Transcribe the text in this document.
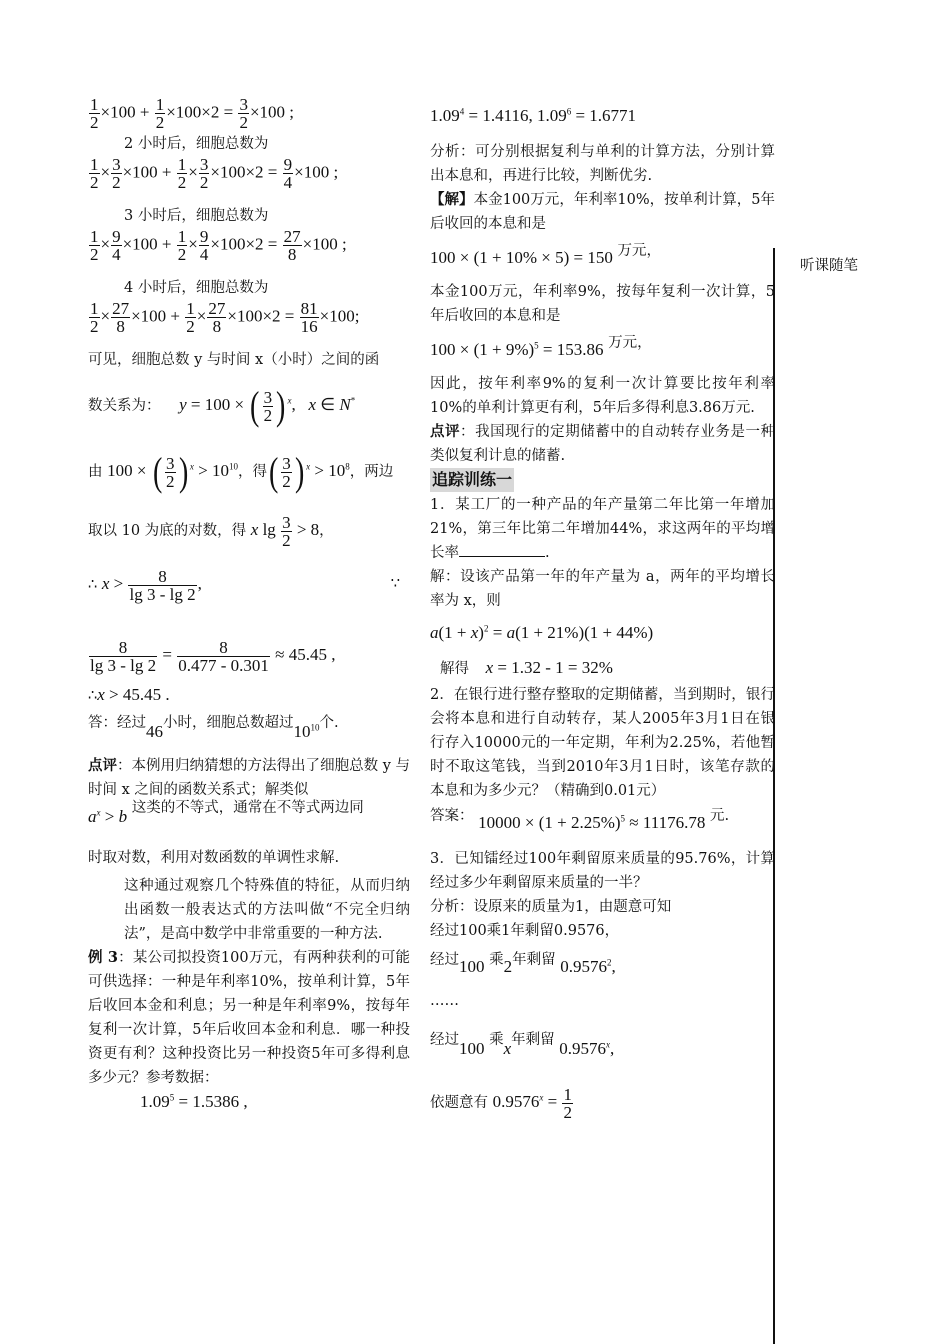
听课随笔
$\frac{1}{2} \times 100 + \frac{1}{2} \times 100\times 2 = \frac{3}{2} \times 100$ ;
2 小时后，细胞总数为
$\frac{1}{2} \times \frac{3}{2} \times 100 + \frac{1}{2} \times \frac{3}{2} \times 100\times 2 = \frac{9}{4} \times 100$ ;
3 小时后，细胞总数为
$\frac{1}{2} \times \frac{9}{4} \times 100 + \frac{1}{2} \times \frac{9}{4} \times 100\times 2 = \frac{27}{8} \times 100$ ;
4 小时后，细胞总数为
$\frac{1}{2} \times \frac{27}{8} \times 100 + \frac{1}{2} \times \frac{27}{8} \times 100\times 2 = \frac{81}{16} \times 100$;
可见，细胞总数 y 与时间 x（小时）之间的函
数关系为： y = 100 × ( $\frac{3}{2}$ ) $^x$,   x ∈ N*
由 100 × ( $\frac{3}{2}$ ) $^x > 10^{10}$，得( $\frac{3}{2}$ ) $^x > 10^8$，两边
取以 10 为底的对数，得 x $\lg \frac{3}{2} > 8$，
∴ $x > \frac{8}{\lg 3 - \lg 2}$ ,	∵
$\frac{8}{\lg 3 - \lg 2} = \frac{8}{0.477 - 0.301} \approx 45.45$ ,
∴x > 45.45 .
答：经过46小时，细胞总数超过$10^{10}$个.
点评：本例用归纳猜想的方法得出了细胞总数 y 与时间 x 之间的函数关系式；解类似
$a^x > b$ 这类的不等式，通常在不等式两边同
时取对数，利用对数函数的单调性求解.
这种通过观察几个特殊值的特征，从而归纳出函数一般表达式的方法叫做“不完全归纳法”，是高中数学中非常重要的一种方法.
例 3：某公司拟投资100万元，有两种获利的可能可供选择：一种是年利率10%，按单利计算，5年后收回本金和利息；另一种是年利率9%，按每年复利一次计算，5年后收回本金和利息．哪一种投资更有利？这种投资比另一种投资5年可多得利息多少元？参考数据：
$1.09^5 = 1.5386$ ,
$1.09^4 = 1.4116$, $1.09^6 = 1.6771$
分析：可分别根据复利与单利的计算方法，分别计算出本息和，再进行比较，判断优劣.
【解】本金100万元，年利率10%，按单利计算，5年后收回的本息和是
100 × (1 + 10% × 5) = 150 万元，
本金100万元，年利率9%，按每年复利一次计算，5年后收回的本息和是
$100 \times (1 + 9\%)^5 = 153.86$ 万元，
因此，按年利率9%的复利一次计算要比按年利率10%的单利计算更有利，5年后多得利息3.86万元.
点评：我国现行的定期储蓄中的自动转存业务是一种类似复利计息的储蓄.
追踪训练一
1．某工厂的一种产品的年产量第二年比第一年增加21%，第三年比第二年增加44%，求这两年的平均增长率	.
解：设该产品第一年的年产量为 a，两年的平均增长率为 x，则
$a(1 + x)^2 = a(1 + 21\%)(1 + 44\%)$
解得 x = 1.32 - 1 = 32%
2．在银行进行整存整取的定期储蓄，当到期时，银行会将本息和进行自动转存，某人2005年3月1日在银行存入10000元的一年定期，年利为2.25%，若他暂时不取这笔钱，当到2010年3月1日时，该笔存款的本息和为多少元？（精确到0.01元）
答案： $10000 \times (1 + 2.25\%)^5 \approx 11176.78$ 元.
3．已知镭经过100年剩留原来质量的95.76%，计算经过多少年剩留原来质量的一半？
分析：设原来的质量为1，由题意可知
经过100乘1年剩留0.9576，
经过100 乘2年剩留 0.9576$^2$,
……
经过100 乘x年剩留 0.9576$^x$,
依题意有 $0.9576^x = \frac{1}{2}$
